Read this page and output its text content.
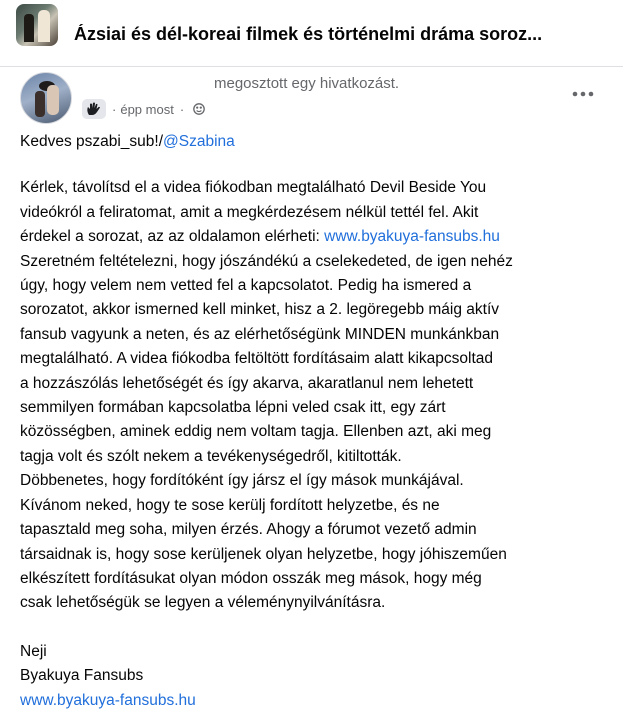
Ázsiai és dél-koreai filmek és történelmi dráma soroz...
megosztott egy hivatkozást.
· épp most ·

Kedves pszabi_sub!/@Szabina

Kérlek, távolítsd el a videa fiókodban megtalálható Devil Beside You

videókról a feliratomat, amit a megkérdezésem nélkül tettél fel. Akit

érdekel a sorozat, az az oldalamon elérheti: www.byakuya-fansubs.hu

Szeretném feltételezni, hogy jószándékú a cselekedeted, de igen nehéz

úgy, hogy velem nem vetted fel a kapcsolatot. Pedig ha ismered a

sorozatot, akkor ismerned kell minket, hisz a 2. legöregebb máig aktív

fansub vagyunk a neten, és az elérhetőségünk MINDEN munkánkban

megtalálható. A videa fiókodba feltöltött fordításaim alatt kikapcsoltad

a hozzászólás lehetőségét és így akarva, akaratlanul nem lehetett

semmilyen formában kapcsolatba lépni veled csak itt, egy zárt

közösségben, aminek eddig nem voltam tagja. Ellenben azt, aki meg

tagja volt és szólt nekem a tevékenységedről, kitiltották.

Döbbenetes, hogy fordítóként így jársz el így mások munkájával.

Kívánom neked, hogy te sose kerülj fordított helyzetbe, és ne

tapasztald meg soha, milyen érzés. Ahogy a fórumot vezető admin

társaidnak is, hogy sose kerüljenek olyan helyzetbe, hogy jóhiszeműen

elkészített fordításukat olyan módon osszák meg mások, hogy még

csak lehetőségük se legyen a véleménynyilvánításra.

Neji

Byakuya Fansubs

www.byakuya-fansubs.hu
